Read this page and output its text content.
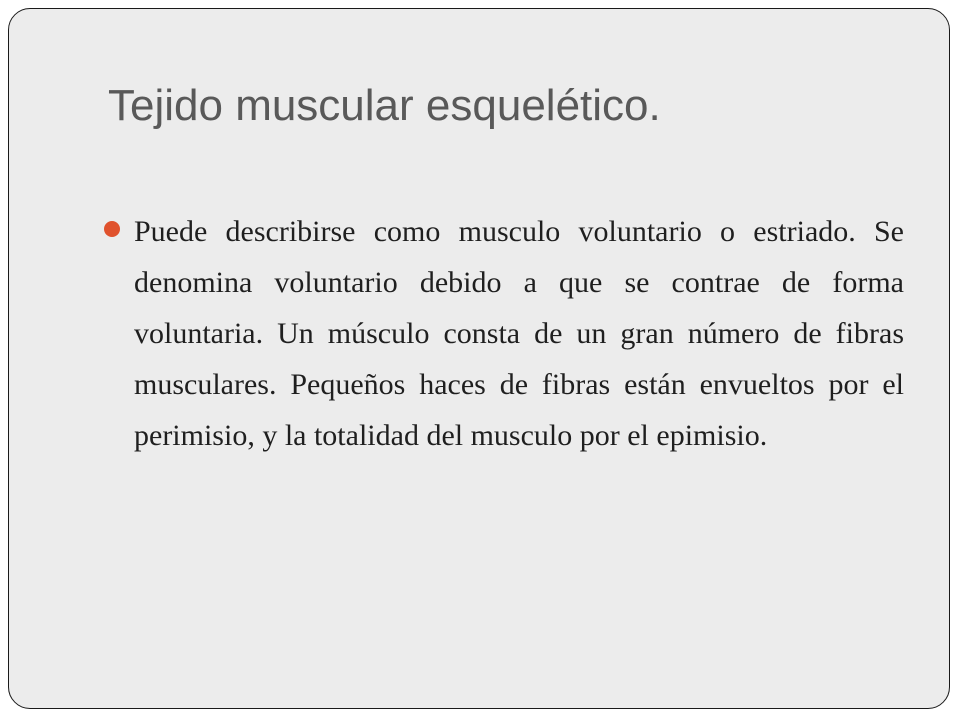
Tejido muscular esquelético.

Puede describirse como musculo voluntario o estriado. Se denomina voluntario debido a que se contrae de forma voluntaria. Un músculo consta de un gran número de fibras musculares. Pequeños haces de fibras están envueltos por el perimisio, y la totalidad del musculo por el epimisio.
